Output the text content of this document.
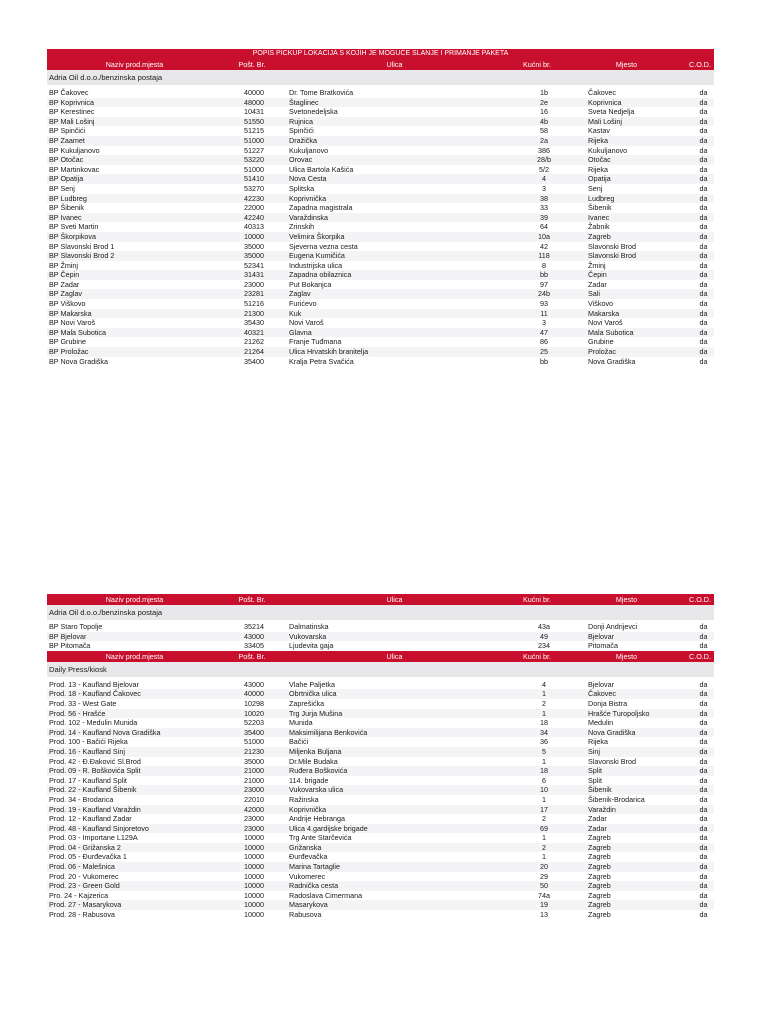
POPIS PICKUP LOKACIJA S KOJIH JE MOGUĆE SLANJE I PRIMANJE PAKETA
Naziv prod.mjesta	Pošt. Br.	Ulica	Kućni br.	Mjesto	C.O.D.
Adria Oil d.o.o./benzinska postaja
BP Čakovec	40000	Dr. Tome Bratkovića	1b	Čakovec	da
BP Koprivnica	48000	Štaglinec	2e	Koprivnica	da
BP Kerestinec	10431	Svetonedeljska	16	Sveta Nedjelja	da
BP Mali Lošinj	51550	Rujnica	4b	Mali Lošinj	da
BP Spinčići	51215	Spinčići	58	Kastav	da
BP Zaamet	51000	Dražička	2a	Rijeka	da
BP Kukuljanovo	51227	Kukuljanovo	386	Kukuljanovo	da
BP Otočac	53220	Orovac	28/b	Otočac	da
BP Martinkovac	51000	Ulica Bartola Kašića	5/2	Rijeka	da
BP Opatija	51410	Nova Cesta	4	Opatija	da
BP Senj	53270	Splitska	3	Senj	da
BP Ludbreg	42230	Koprivnička	38	Ludbreg	da
BP Šibenik	22000	Zapadna magistrala	33	Šibenik	da
BP Ivanec	42240	Varaždinska	39	Ivanec	da
BP Sveti Martin	40313	Zrinskih	64	Žabnik	da
BP Škorpikova	10000	Velimira Škorpika	10a	Zagreb	da
BP Slavonski Brod 1	35000	Sjeverna vezna cesta	42	Slavonski Brod	da
BP Slavonski Brod 2	35000	Eugena Kumičića	118	Slavonski Brod	da
BP Žminj	52341	Industrijska ulica	8	Žminj	da
BP Čepin	31431	Zapadna obilaznica	bb	Čepin	da
BP Zadar	23000	Put Bokanjca	97	Zadar	da
BP Zaglav	23281	Zaglav	24b	Sali	da
BP Viškovo	51216	Furićevo	93	Viškovo	da
BP Makarska	21300	Kuk	11	Makarska	da
BP Novi Varoš	35430	Novi Varoš	3	Novi Varoš	da
BP Mala Subotica	40321	Glavna	47	Mala Subotica	da
BP Grubine	21262	Franje Tuđmana	86	Grubine	da
BP Proložac	21264	Ulica Hrvatskih branitelja	25	Proložac	da
BP Nova Gradiška	35400	Kralja Petra Svačića	bb	Nova Gradiška	da
Naziv prod.mjesta	Pošt. Br.	Ulica	Kućni br.	Mjesto	C.O.D.
Adria Oil d.o.o./benzinska postaja
BP Staro Topolje	35214	Dalmatinska	43a	Donji Andrijevci	da
BP Bjelovar	43000	Vukovarska	49	Bjelovar	da
BP Pitomača	33405	Ljudevita gaja	234	Pitomača	da
Naziv prod.mjesta	Pošt. Br.	Ulica	Kućni br.	Mjesto	C.O.D.
Daily Press/kiosk
Prod. 13 - Kaufland Bjelovar	43000	Vlahe Paljetka	4	Bjelovar	da
Prod. 18 - Kaufland Čakovec	40000	Obrtnička ulica	1	Čakovec	da
Prod. 33 - West Gate	10298	Zaprešićka	2	Donja Bistra	da
Prod. 56 - Hrašće	10020	Trg Jurja Mušina	1	Hrašće Turopoljsko	da
Prod. 102 - Medulin Munida	52203	Munida	18	Medulin	da
Prod. 14 - Kaufland Nova Gradiška	35400	Maksimilijana Benkovića	34	Nova Gradiška	da
Prod. 100 - Bačići Rijeka	51000	Bačići	36	Rijeka	da
Prod. 16 - Kaufland Sinj	21230	Miljenka Buljana	5	Sinj	da
Prod. 42 - Đ.Đaković Sl.Brod	35000	Dr.Mile Budaka	1	Slavonski Brod	da
Prod. 09 - R. Boškovića Split	21000	Ruđera Boškovića	18	Split	da
Prod. 17 - Kaufland Split	21000	114. brigade	6	Split	da
Prod. 22 - Kaufland Šibenik	23000	Vukovarska ulica	10	Šibenik	da
Prod. 34 - Brodarica	22010	Ražinska	1	Šibenik-Brodarica	da
Prod. 19 - Kaufland Varaždin	42000	Koprivnička	17	Varaždin	da
Prod. 12 - Kaufland Zadar	23000	Andrije Hebranga	2	Zadar	da
Prod. 48 - Kaufland Sinjoretovo	23000	Ulica 4.gardijske brigade	69	Zadar	da
Prod. 03 - Importane L129A	10000	Trg Ante Starčevića	1	Zagreb	da
Prod. 04 - Grižanska 2	10000	Grižanska	2	Zagreb	da
Prod. 05 - Đurđevačka 1	10000	Đurđevačka	1	Zagreb	da
Prod. 06 - Malešnica	10000	Marina Tartaglie	20	Zagreb	da
Prod. 20 - Vukomerec	10000	Vukomerec	29	Zagreb	da
Prod. 23 - Green Gold	10000	Radnička cesta	50	Zagreb	da
Pro. 24 - Kajzerica	10000	Radoslava Cimermana	74a	Zagreb	da
Prod. 27 - Masarykova	10000	Masarykova	19	Zagreb	da
Prod. 28 - Rabusova	10000	Rabusova	13	Zagreb	da
